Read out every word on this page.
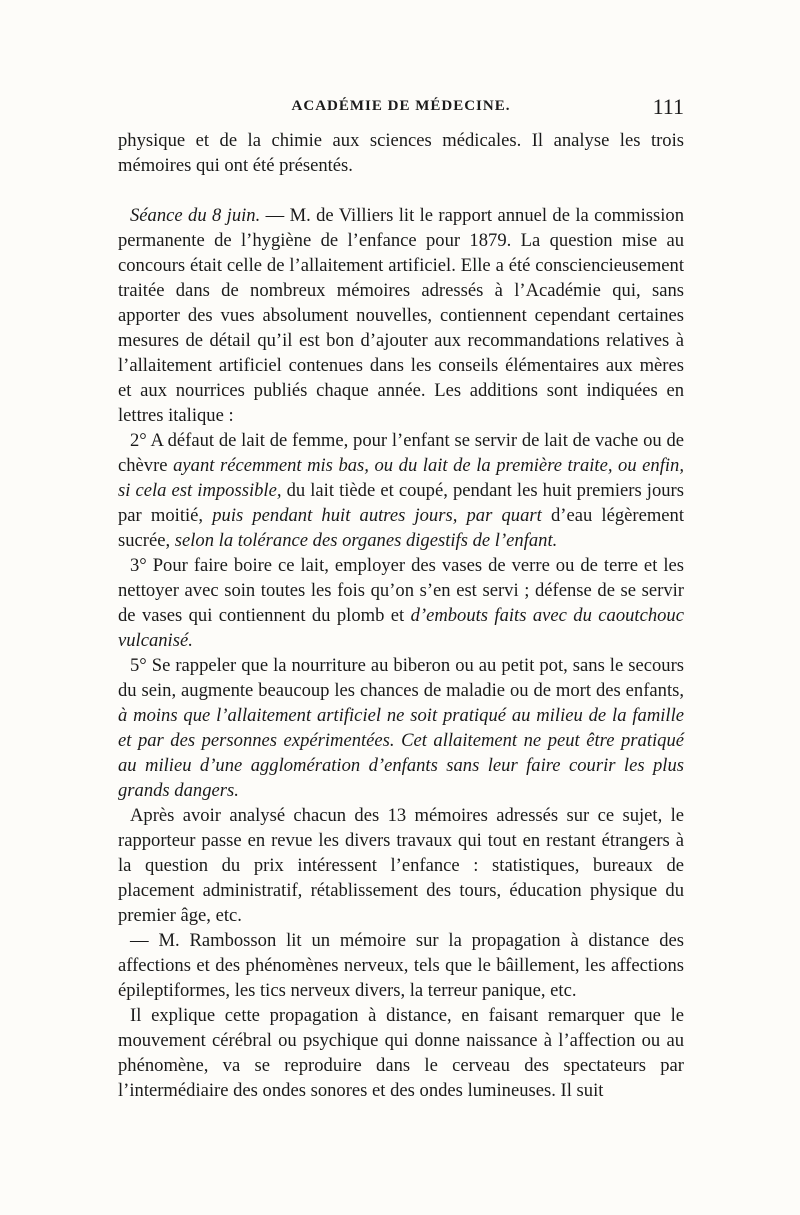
ACADÉMIE DE MÉDECINE.	111

physique et de la chimie aux sciences médicales. Il analyse les trois mémoires qui ont été présentés.

Séance du 8 juin. — M. de Villiers lit le rapport annuel de la commission permanente de l’hygiène de l’enfance pour 1879. La question mise au concours était celle de l’allaitement artificiel. Elle a été consciencieusement traitée dans de nombreux mémoires adressés à l’Académie qui, sans apporter des vues absolument nouvelles, contiennent cependant certaines mesures de détail qu’il est bon d’ajouter aux recommandations relatives à l’allaitement artificiel contenues dans les conseils élémentaires aux mères et aux nourrices publiés chaque année. Les additions sont indiquées en lettres italique :

2° A défaut de lait de femme, pour l’enfant se servir de lait de vache ou de chèvre ayant récemment mis bas, ou du lait de la première traite, ou enfin, si cela est impossible, du lait tiède et coupé, pendant les huit premiers jours par moitié, puis pendant huit autres jours, par quart d’eau légèrement sucrée, selon la tolérance des organes digestifs de l’enfant.

3° Pour faire boire ce lait, employer des vases de verre ou de terre et les nettoyer avec soin toutes les fois qu’on s’en est servi ; défense de se servir de vases qui contiennent du plomb et d’embouts faits avec du caoutchouc vulcanisé.

5° Se rappeler que la nourriture au biberon ou au petit pot, sans le secours du sein, augmente beaucoup les chances de maladie ou de mort des enfants, à moins que l’allaitement artificiel ne soit pratiqué au milieu de la famille et par des personnes expérimentées. Cet allaitement ne peut être pratiqué au milieu d’une agglomération d’enfants sans leur faire courir les plus grands dangers.

Après avoir analysé chacun des 13 mémoires adressés sur ce sujet, le rapporteur passe en revue les divers travaux qui tout en restant étrangers à la question du prix intéressent l’enfance : statistiques, bureaux de placement administratif, rétablissement des tours, éducation physique du premier âge, etc.

— M. Rambosson lit un mémoire sur la propagation à distance des affections et des phénomènes nerveux, tels que le bâillement, les affections épileptiformes, les tics nerveux divers, la terreur panique, etc.

Il explique cette propagation à distance, en faisant remarquer que le mouvement cérébral ou psychique qui donne naissance à l’affection ou au phénomène, va se reproduire dans le cerveau des spectateurs par l’intermédiaire des ondes sonores et des ondes lumineuses. Il suit
